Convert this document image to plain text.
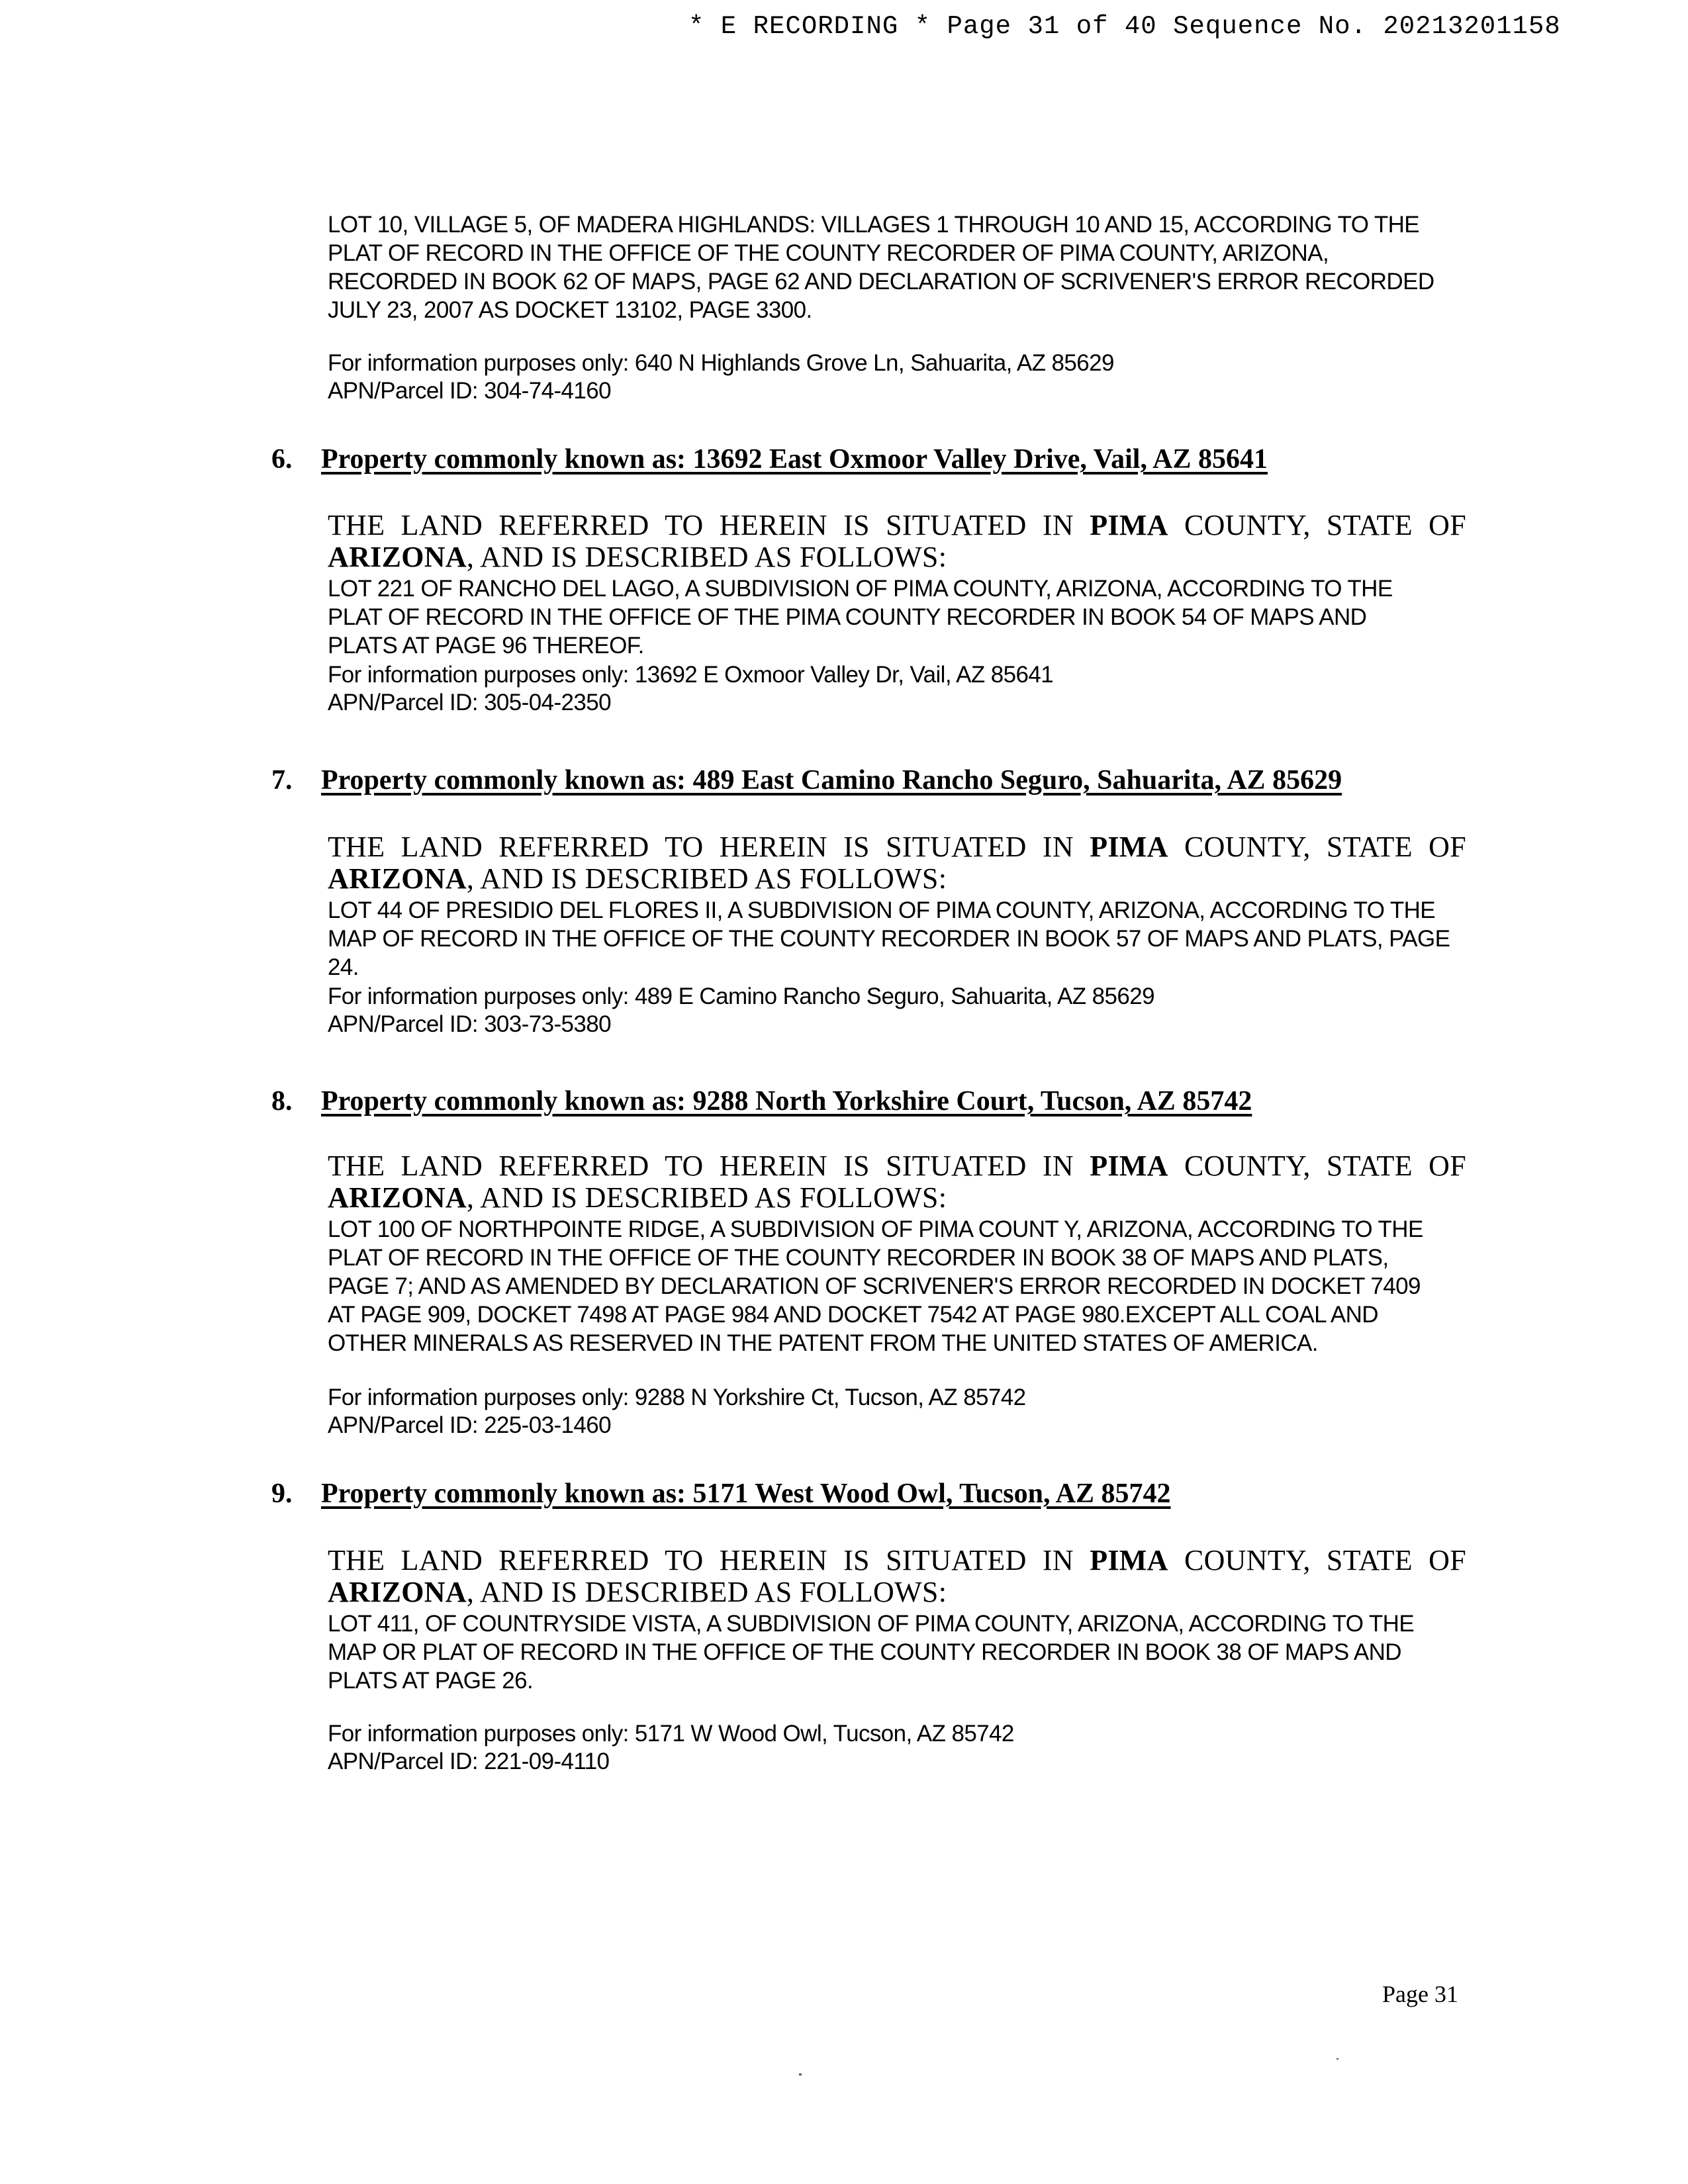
* E RECORDING * Page 31 of 40 Sequence No. 20213201158
LOT 10, VILLAGE 5, OF MADERA HIGHLANDS: VILLAGES 1 THROUGH 10 AND 15, ACCORDING TO THE
PLAT OF RECORD IN THE OFFICE OF THE COUNTY RECORDER OF PIMA COUNTY, ARIZONA,
RECORDED IN BOOK 62 OF MAPS, PAGE 62 AND DECLARATION OF SCRIVENER'S ERROR RECORDED
JULY 23, 2007 AS DOCKET 13102, PAGE 3300.
For information purposes only: 640 N Highlands Grove Ln, Sahuarita, AZ 85629
APN/Parcel ID: 304-74-4160
6. Property commonly known as: 13692 East Oxmoor Valley Drive, Vail, AZ 85641
THE LAND REFERRED TO HEREIN IS SITUATED IN PIMA COUNTY, STATE OF ARIZONA, AND IS DESCRIBED AS FOLLOWS:
LOT 221 OF RANCHO DEL LAGO, A SUBDIVISION OF PIMA COUNTY, ARIZONA, ACCORDING TO THE
PLAT OF RECORD IN THE OFFICE OF THE PIMA COUNTY RECORDER IN BOOK 54 OF MAPS AND
PLATS AT PAGE 96 THEREOF.
For information purposes only: 13692 E Oxmoor Valley Dr, Vail, AZ 85641
APN/Parcel ID: 305-04-2350
7. Property commonly known as: 489 East Camino Rancho Seguro, Sahuarita, AZ 85629
THE LAND REFERRED TO HEREIN IS SITUATED IN PIMA COUNTY, STATE OF ARIZONA, AND IS DESCRIBED AS FOLLOWS:
LOT 44 OF PRESIDIO DEL FLORES II, A SUBDIVISION OF PIMA COUNTY, ARIZONA, ACCORDING TO THE
MAP OF RECORD IN THE OFFICE OF THE COUNTY RECORDER IN BOOK 57 OF MAPS AND PLATS, PAGE
24.
For information purposes only: 489 E Camino Rancho Seguro, Sahuarita, AZ 85629
APN/Parcel ID: 303-73-5380
8. Property commonly known as: 9288 North Yorkshire Court, Tucson, AZ 85742
THE LAND REFERRED TO HEREIN IS SITUATED IN PIMA COUNTY, STATE OF ARIZONA, AND IS DESCRIBED AS FOLLOWS:
LOT 100 OF NORTHPOINTE RIDGE, A SUBDIVISION OF PIMA COUNT Y, ARIZONA, ACCORDING TO THE
PLAT OF RECORD IN THE OFFICE OF THE COUNTY RECORDER IN BOOK 38 OF MAPS AND PLATS,
PAGE 7; AND AS AMENDED BY DECLARATION OF SCRIVENER'S ERROR RECORDED IN DOCKET 7409
AT PAGE 909, DOCKET 7498 AT PAGE 984 AND DOCKET 7542 AT PAGE 980.EXCEPT ALL COAL AND
OTHER MINERALS AS RESERVED IN THE PATENT FROM THE UNITED STATES OF AMERICA.
For information purposes only: 9288 N Yorkshire Ct, Tucson, AZ 85742
APN/Parcel ID: 225-03-1460
9. Property commonly known as: 5171 West Wood Owl, Tucson, AZ 85742
THE LAND REFERRED TO HEREIN IS SITUATED IN PIMA COUNTY, STATE OF ARIZONA, AND IS DESCRIBED AS FOLLOWS:
LOT 411, OF COUNTRYSIDE VISTA, A SUBDIVISION OF PIMA COUNTY, ARIZONA, ACCORDING TO THE
MAP OR PLAT OF RECORD IN THE OFFICE OF THE COUNTY RECORDER IN BOOK 38 OF MAPS AND
PLATS AT PAGE 26.
For information purposes only: 5171 W Wood Owl, Tucson, AZ 85742
APN/Parcel ID: 221-09-4110
Page 31
